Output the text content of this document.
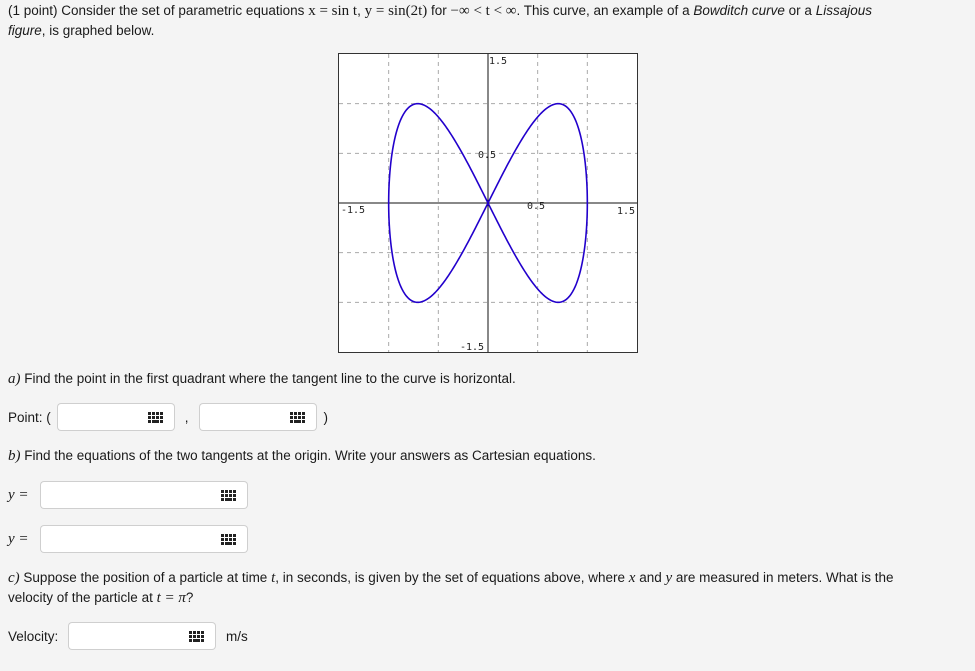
(1 point) Consider the set of parametric equations x = sin t, y = sin(2t) for −∞ < t < ∞. This curve, an example of a Bowditch curve or a Lissajous
figure, is graphed below.
1.5
-1.5
-1.5	1.5
0.5
0.5
a) Find the point in the first quadrant where the tangent line to the curve is horizontal.
Point: (	,	)
b) Find the equations of the two tangents at the origin. Write your answers as Cartesian equations.
y =
y =
c) Suppose the position of a particle at time t, in seconds, is given by the set of equations above, where x and y are measured in meters. What is the
velocity of the particle at t = π?
Velocity:	m/s
